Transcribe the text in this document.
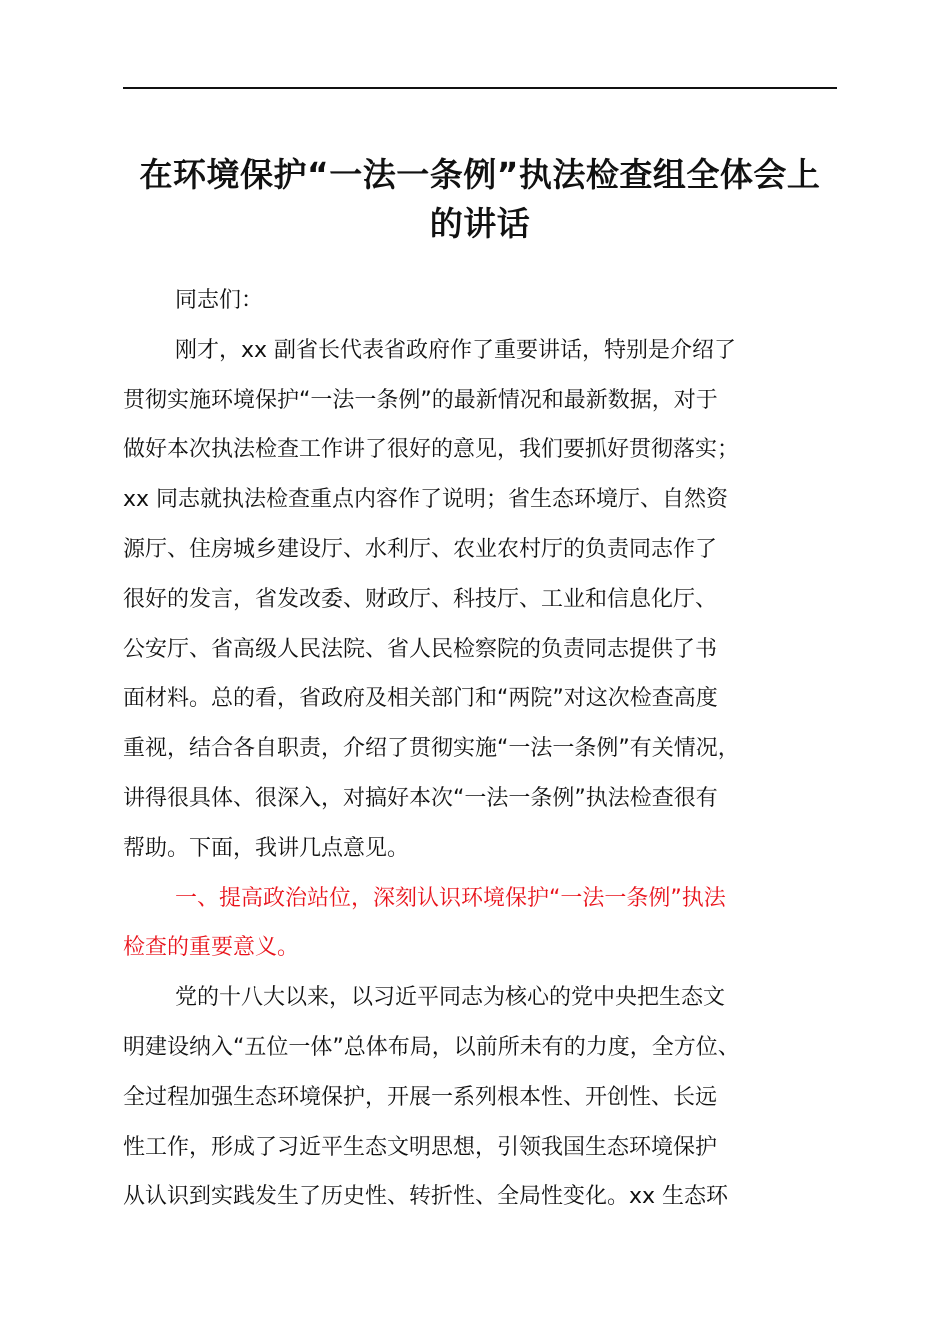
在环境保护“一法一条例”执法检查组全体会上
的讲话

同志们：

刚才，xx 副省长代表省政府作了重要讲话，特别是介绍了
贯彻实施环境保护“一法一条例”的最新情况和最新数据，对于
做好本次执法检查工作讲了很好的意见，我们要抓好贯彻落实；
xx 同志就执法检查重点内容作了说明；省生态环境厅、自然资
源厅、住房城乡建设厅、水利厅、农业农村厅的负责同志作了
很好的发言，省发改委、财政厅、科技厅、工业和信息化厅、
公安厅、省高级人民法院、省人民检察院的负责同志提供了书
面材料。总的看，省政府及相关部门和“两院”对这次检查高度
重视，结合各自职责，介绍了贯彻实施“一法一条例”有关情况，
讲得很具体、很深入，对搞好本次“一法一条例”执法检查很有
帮助。下面，我讲几点意见。

一、提高政治站位，深刻认识环境保护“一法一条例”执法
检查的重要意义。

党的十八大以来，以习近平同志为核心的党中央把生态文
明建设纳入“五位一体”总体布局，以前所未有的力度，全方位、
全过程加强生态环境保护，开展一系列根本性、开创性、长远
性工作，形成了习近平生态文明思想，引领我国生态环境保护
从认识到实践发生了历史性、转折性、全局性变化。xx 生态环
